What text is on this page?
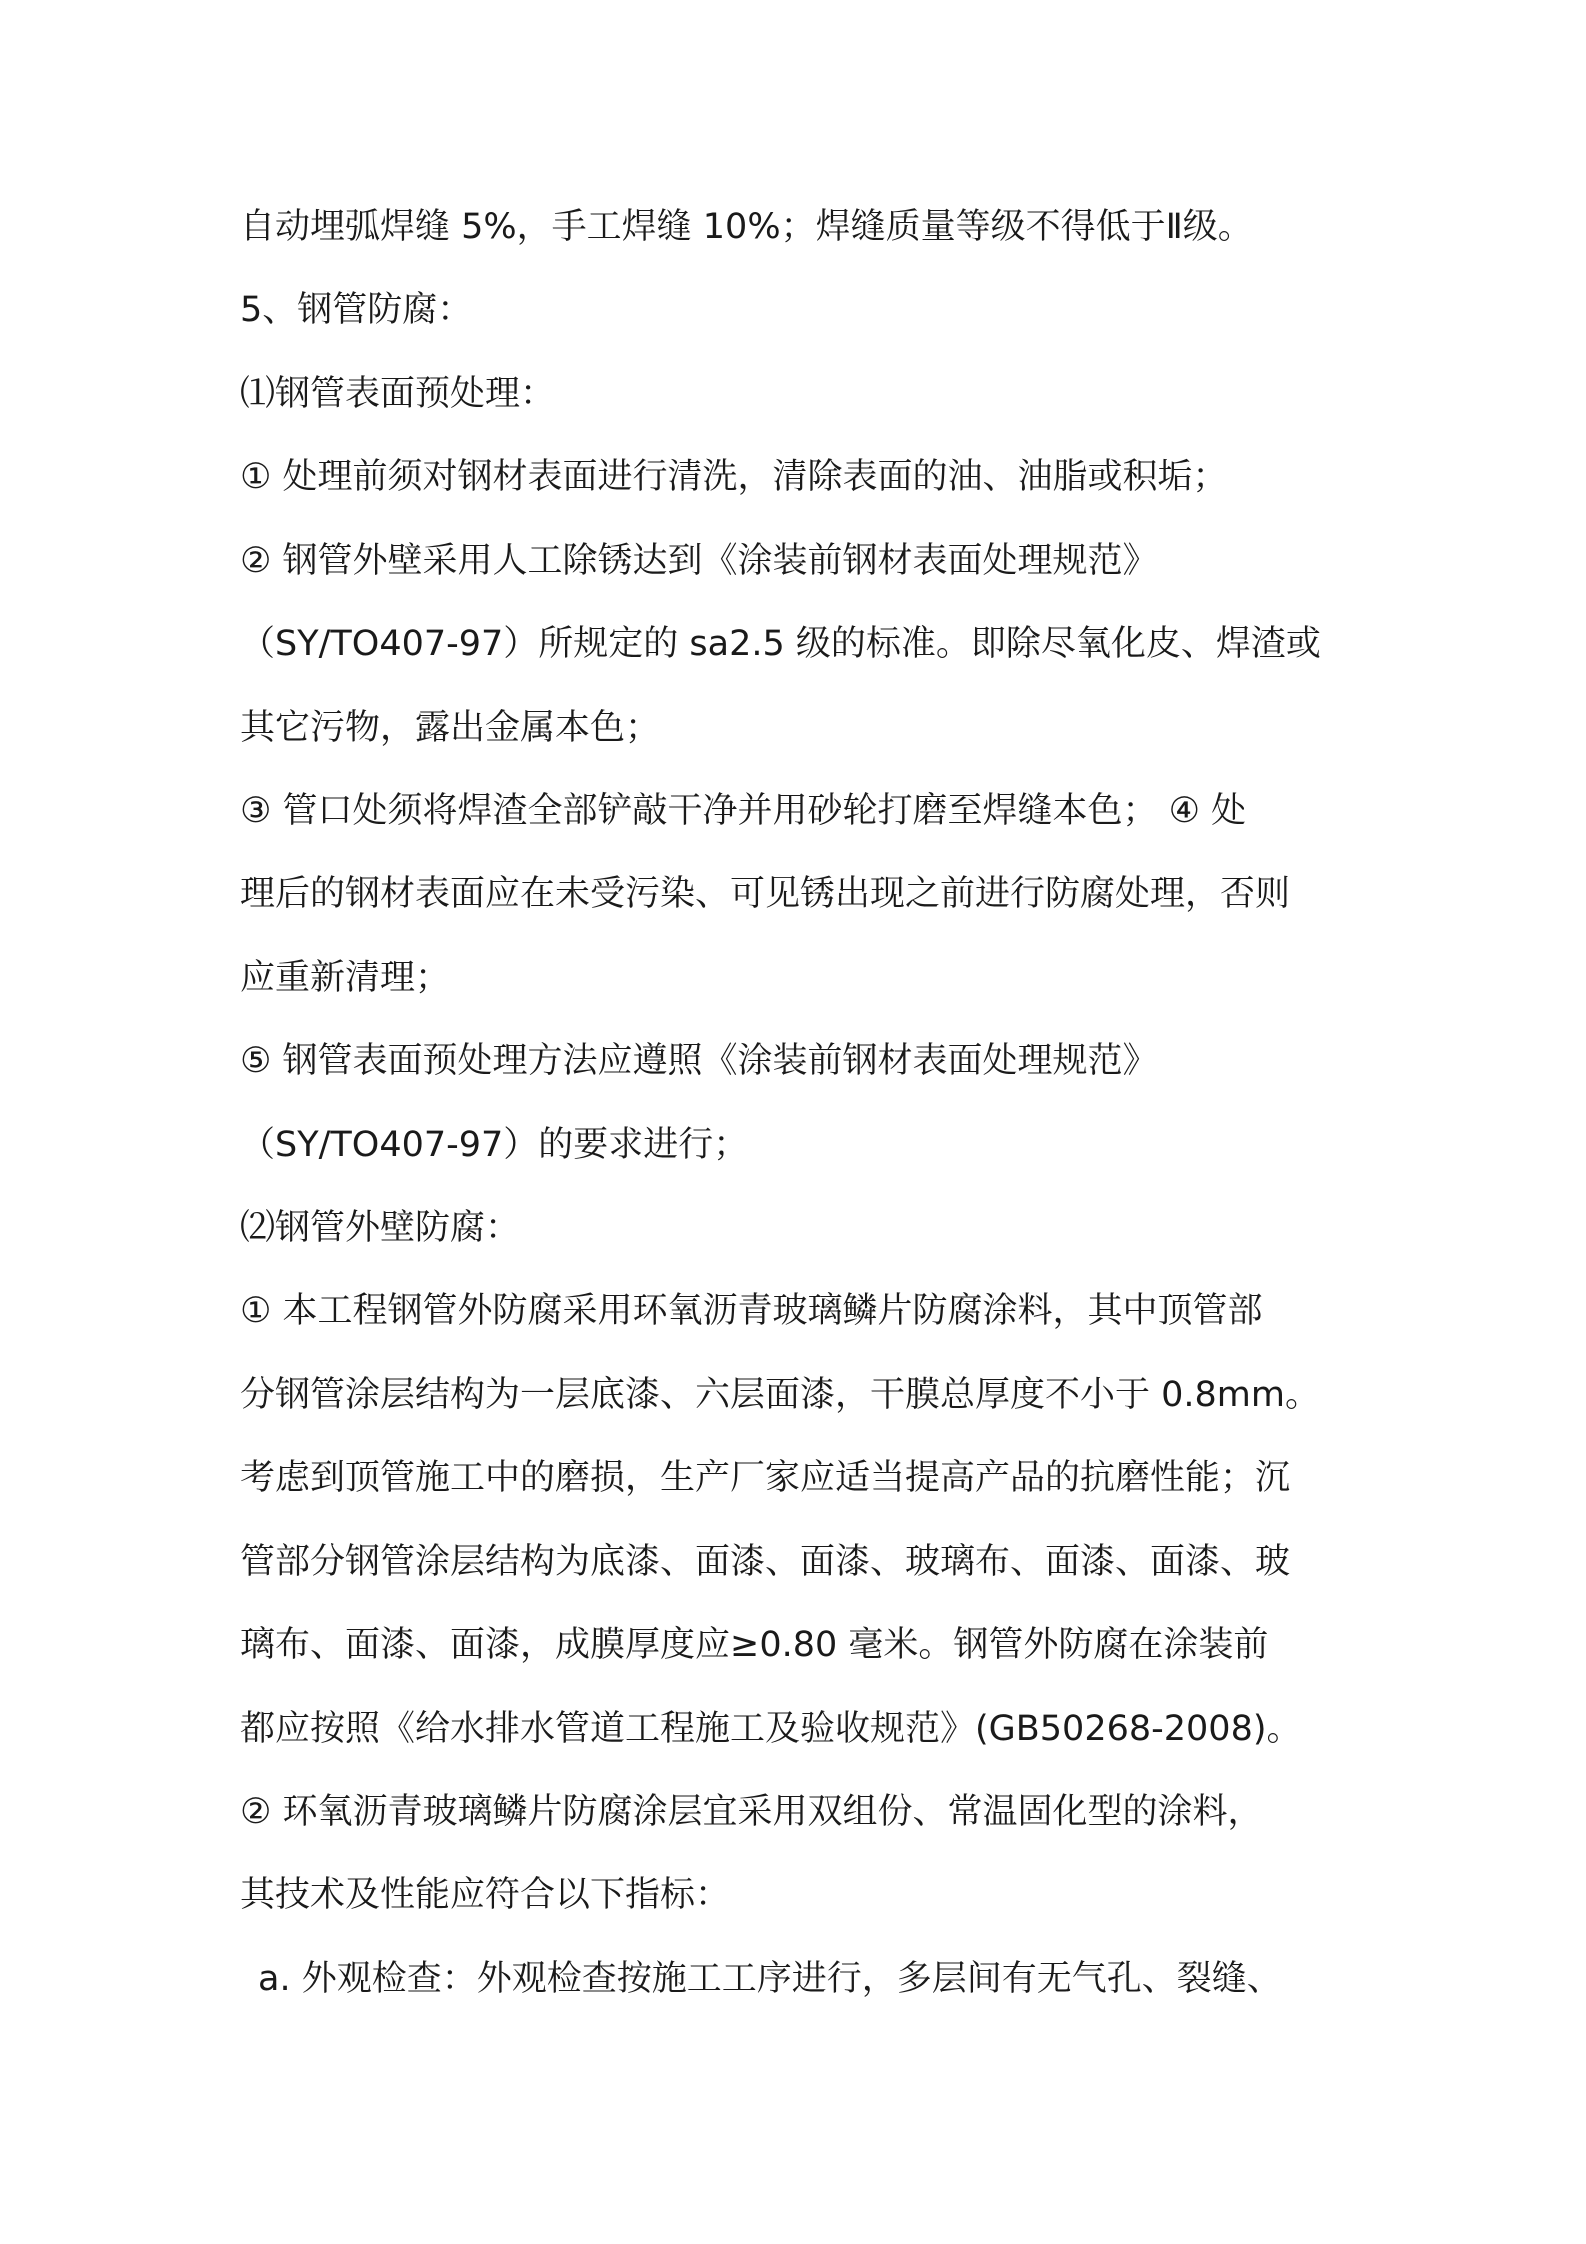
自动埋弧焊缝 5%，手工焊缝 10%；焊缝质量等级不得低于Ⅱ级。
5、钢管防腐：
⑴钢管表面预处理：
① 处理前须对钢材表面进行清洗，清除表面的油、油脂或积垢；
② 钢管外壁采用人工除锈达到《涂装前钢材表面处理规范》
（SY/TO407-97）所规定的 sa2.5 级的标准。即除尽氧化皮、焊渣或
其它污物，露出金属本色；
③ 管口处须将焊渣全部铲敲干净并用砂轮打磨至焊缝本色； ④ 处
理后的钢材表面应在未受污染、可见锈出现之前进行防腐处理，否则
应重新清理；
⑤ 钢管表面预处理方法应遵照《涂装前钢材表面处理规范》
（SY/TO407-97）的要求进行；
⑵钢管外壁防腐：
① 本工程钢管外防腐采用环氧沥青玻璃鳞片防腐涂料，其中顶管部
分钢管涂层结构为一层底漆、六层面漆，干膜总厚度不小于 0.8mm。
考虑到顶管施工中的磨损，生产厂家应适当提高产品的抗磨性能；沉
管部分钢管涂层结构为底漆、面漆、面漆、玻璃布、面漆、面漆、玻
璃布、面漆、面漆，成膜厚度应≥0.80 毫米。钢管外防腐在涂装前
都应按照《给水排水管道工程施工及验收规范》(GB50268-2008)。
② 环氧沥青玻璃鳞片防腐涂层宜采用双组份、常温固化型的涂料，
其技术及性能应符合以下指标：
a. 外观检查：外观检查按施工工序进行，多层间有无气孔、裂缝、
